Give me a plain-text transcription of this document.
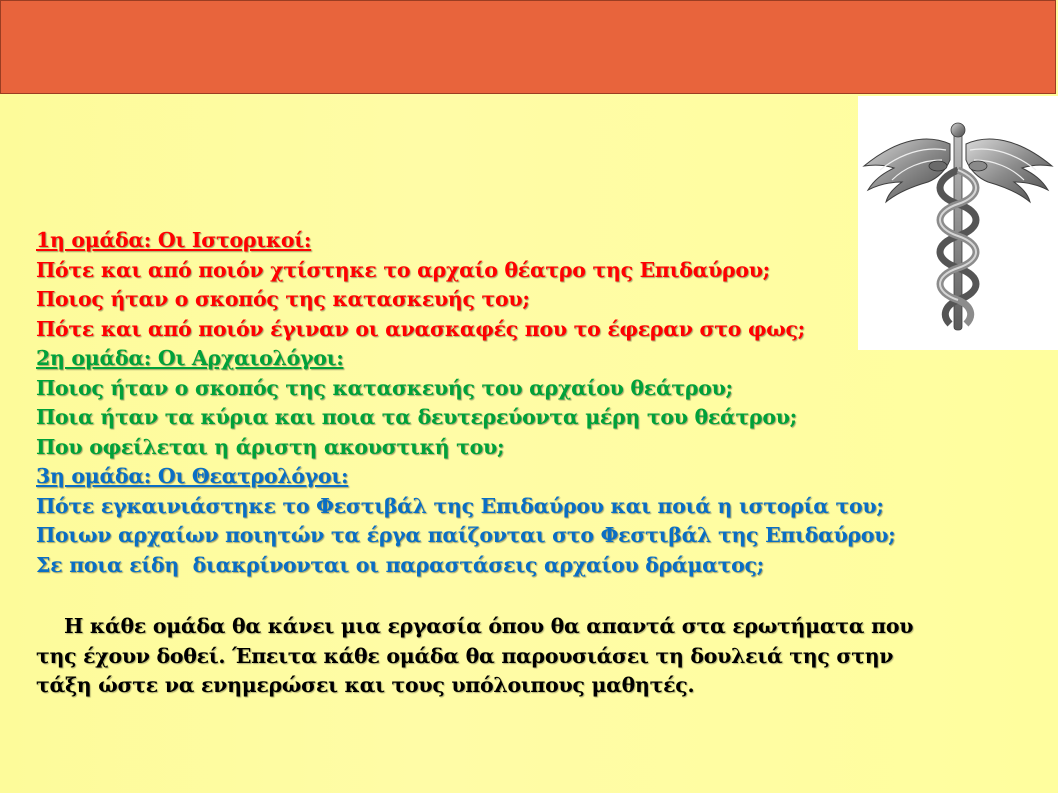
1η ομάδα: Οι Ιστορικοί:
Πότε και από ποιόν χτίστηκε το αρχαίο θέατρο της Επιδαύρου;
Ποιος ήταν ο σκοπός της κατασκευής του;
Πότε και από ποιόν έγιναν οι ανασκαφές που το έφεραν στο φως;
2η ομάδα: Οι Αρχαιολόγοι:
Ποιος ήταν ο σκοπός της κατασκευής του αρχαίου θεάτρου;
Ποια ήταν τα κύρια και ποια τα δευτερεύοντα μέρη του θεάτρου;
Που οφείλεται η άριστη ακουστική του;
3η ομάδα: Οι Θεατρολόγοι:
Πότε εγκαινιάστηκε το Φεστιβάλ της Επιδαύρου και ποιά η ιστορία του;
Ποιων αρχαίων ποιητών τα έργα παίζονται στο Φεστιβάλ της Επιδαύρου;
Σε ποια είδη  διακρίνονται οι παραστάσεις αρχαίου δράματος;
Η κάθε ομάδα θα κάνει μια εργασία όπου θα απαντά στα ερωτήματα που
της έχουν δοθεί. Έπειτα κάθε ομάδα θα παρουσιάσει τη δουλειά της στην
τάξη ώστε να ενημερώσει και τους υπόλοιπους μαθητές.
